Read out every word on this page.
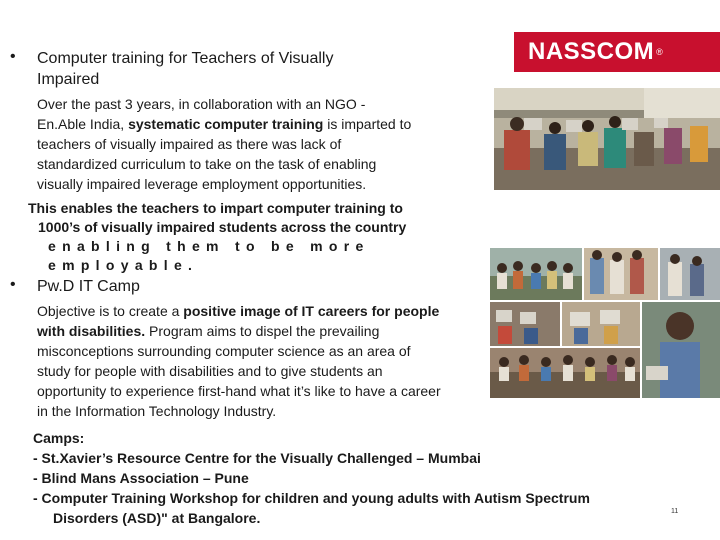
NASSCOM ®
• Computer training for Teachers of Visually
Impaired
Over the past 3 years, in collaboration with an NGO -
En.Able India, systematic computer training is imparted to
teachers of visually impaired as there was lack of
standardized curriculum to take on the task of enabling
visually impaired leverage employment opportunities.
This enables the teachers to impart computer training to
1000’s of visually impaired students across the country
enabling them to be more employable.
• Pw.D IT Camp
Objective is to create a positive image of IT careers for people
with disabilities. Program aims to dispel the prevailing
misconceptions surrounding computer science as an area of
study for people with disabilities and to give students an
opportunity to experience first-hand what it’s like to have a career
in the Information Technology Industry.
Camps:
- St.Xavier’s Resource Centre for the Visually Challenged – Mumbai
- Blind Mans Association – Pune
- Computer Training Workshop for children and young adults with Autism Spectrum
Disorders (ASD)" at Bangalore.	11
